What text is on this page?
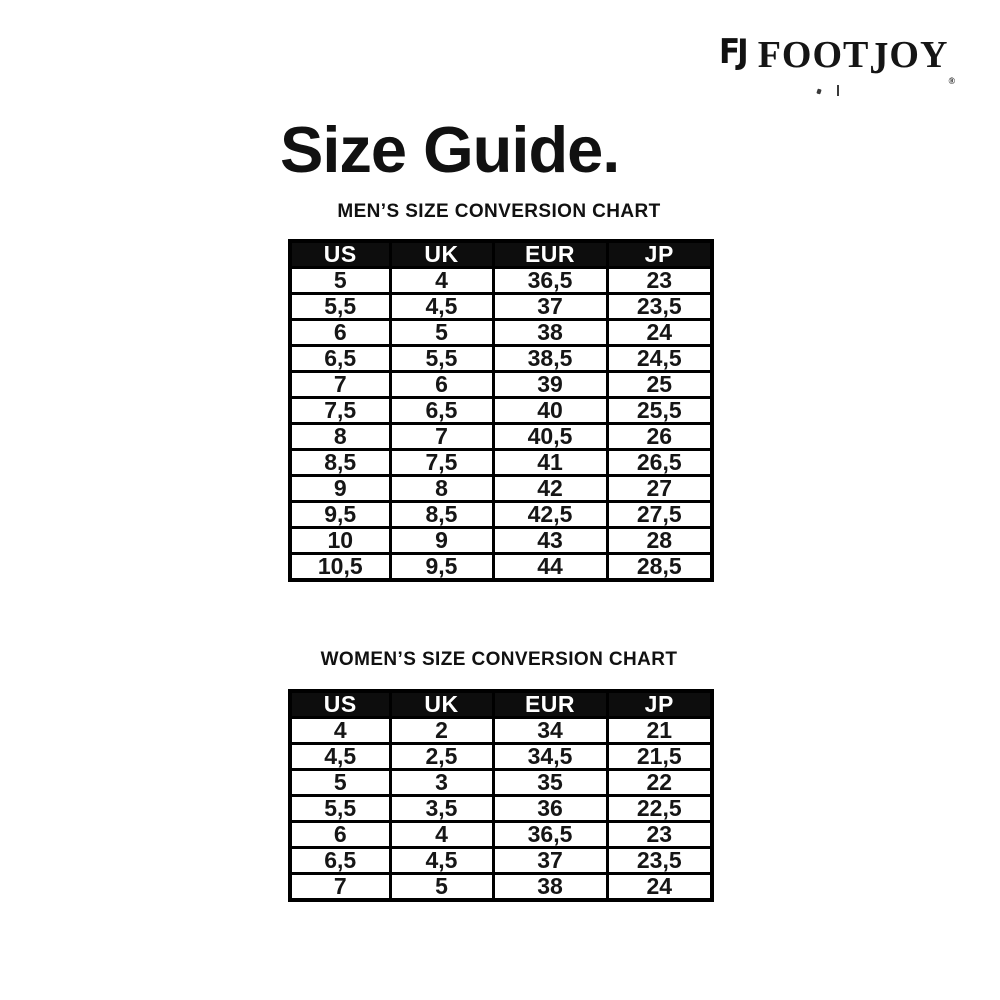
FJ $FOOTJOY_®$
Size Guide.
MEN’S SIZE CONVERSION CHART
US	UK	EUR	JP
5	4	36,5	23
5,5	4,5	37	23,5
6	5	38	24
6,5	5,5	38,5	24,5
7	6	39	25
7,5	6,5	40	25,5
8	7	40,5	26
8,5	7,5	41	26,5
9	8	42	27
9,5	8,5	42,5	27,5
10	9	43	28
10,5	9,5	44	28,5
WOMEN’S SIZE CONVERSION CHART
US	UK	EUR	JP
4	2	34	21
4,5	2,5	34,5	21,5
5	3	35	22
5,5	3,5	36	22,5
6	4	36,5	23
6,5	4,5	37	23,5
7	5	38	24
